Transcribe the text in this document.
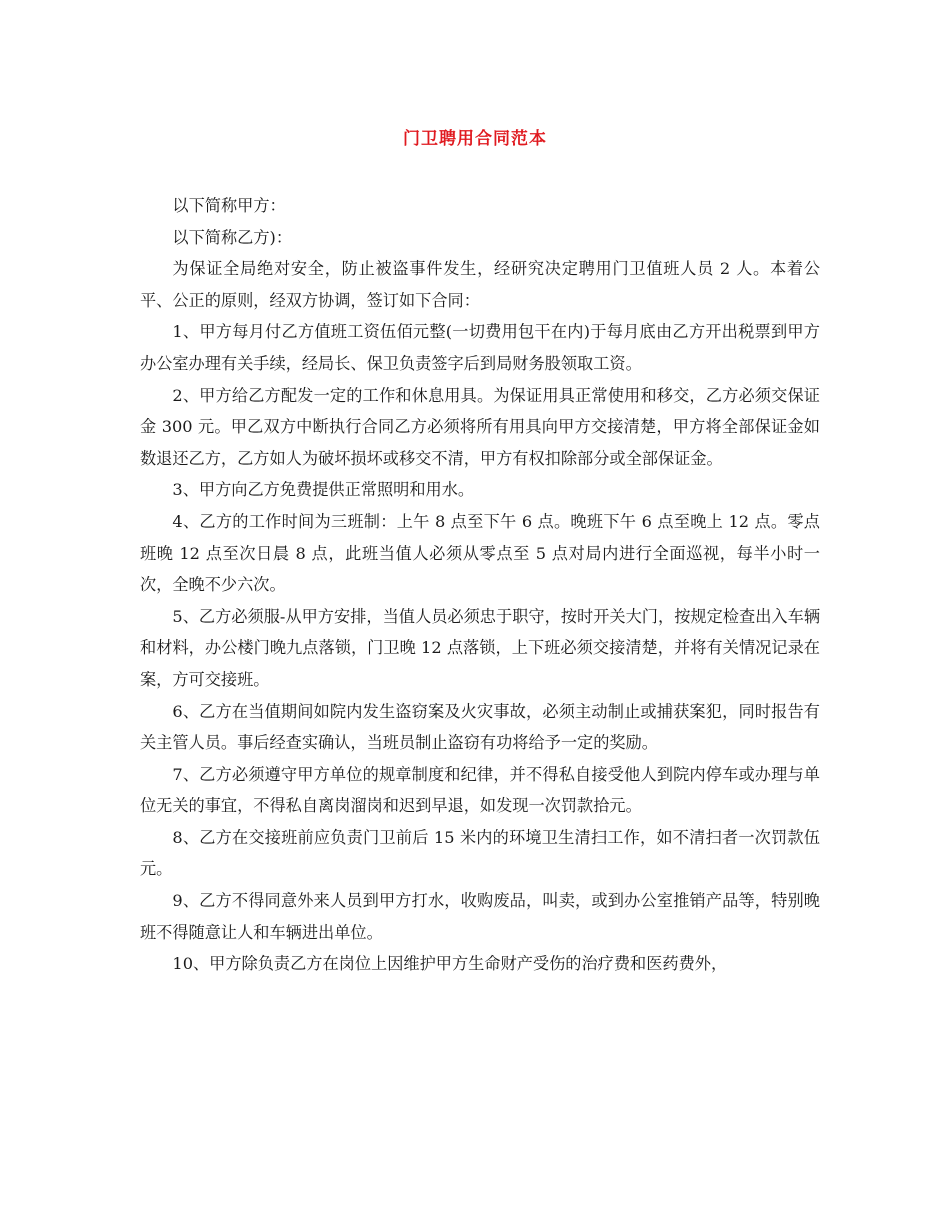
门卫聘用合同范本

以下简称甲方：

以下简称乙方)：

为保证全局绝对安全，防止被盗事件发生，经研究决定聘用门卫值班人员 2 人。本着公平、公正的原则，经双方协调，签订如下合同：

1、甲方每月付乙方值班工资伍佰元整(一切费用包干在内)于每月底由乙方开出税票到甲方办公室办理有关手续，经局长、保卫负责签字后到局财务股领取工资。

2、甲方给乙方配发一定的工作和休息用具。为保证用具正常使用和移交，乙方必须交保证金 300 元。甲乙双方中断执行合同乙方必须将所有用具向甲方交接清楚，甲方将全部保证金如数退还乙方，乙方如人为破坏损坏或移交不清，甲方有权扣除部分或全部保证金。

3、甲方向乙方免费提供正常照明和用水。

4、乙方的工作时间为三班制：上午 8 点至下午 6 点。晚班下午 6 点至晚上 12 点。零点班晚 12 点至次日晨 8 点，此班当值人必须从零点至 5 点对局内进行全面巡视，每半小时一次，全晚不少六次。

5、乙方必须服-从甲方安排，当值人员必须忠于职守，按时开关大门，按规定检查出入车辆和材料，办公楼门晚九点落锁，门卫晚 12 点落锁，上下班必须交接清楚，并将有关情况记录在案，方可交接班。

6、乙方在当值期间如院内发生盗窃案及火灾事故，必须主动制止或捕获案犯，同时报告有关主管人员。事后经查实确认，当班员制止盗窃有功将给予一定的奖励。

7、乙方必须遵守甲方单位的规章制度和纪律，并不得私自接受他人到院内停车或办理与单位无关的事宜，不得私自离岗溜岗和迟到早退，如发现一次罚款拾元。

8、乙方在交接班前应负责门卫前后 15 米内的环境卫生清扫工作，如不清扫者一次罚款伍元。

9、乙方不得同意外来人员到甲方打水，收购废品，叫卖，或到办公室推销产品等，特别晚班不得随意让人和车辆进出单位。

10、甲方除负责乙方在岗位上因维护甲方生命财产受伤的治疗费和医药费外，
